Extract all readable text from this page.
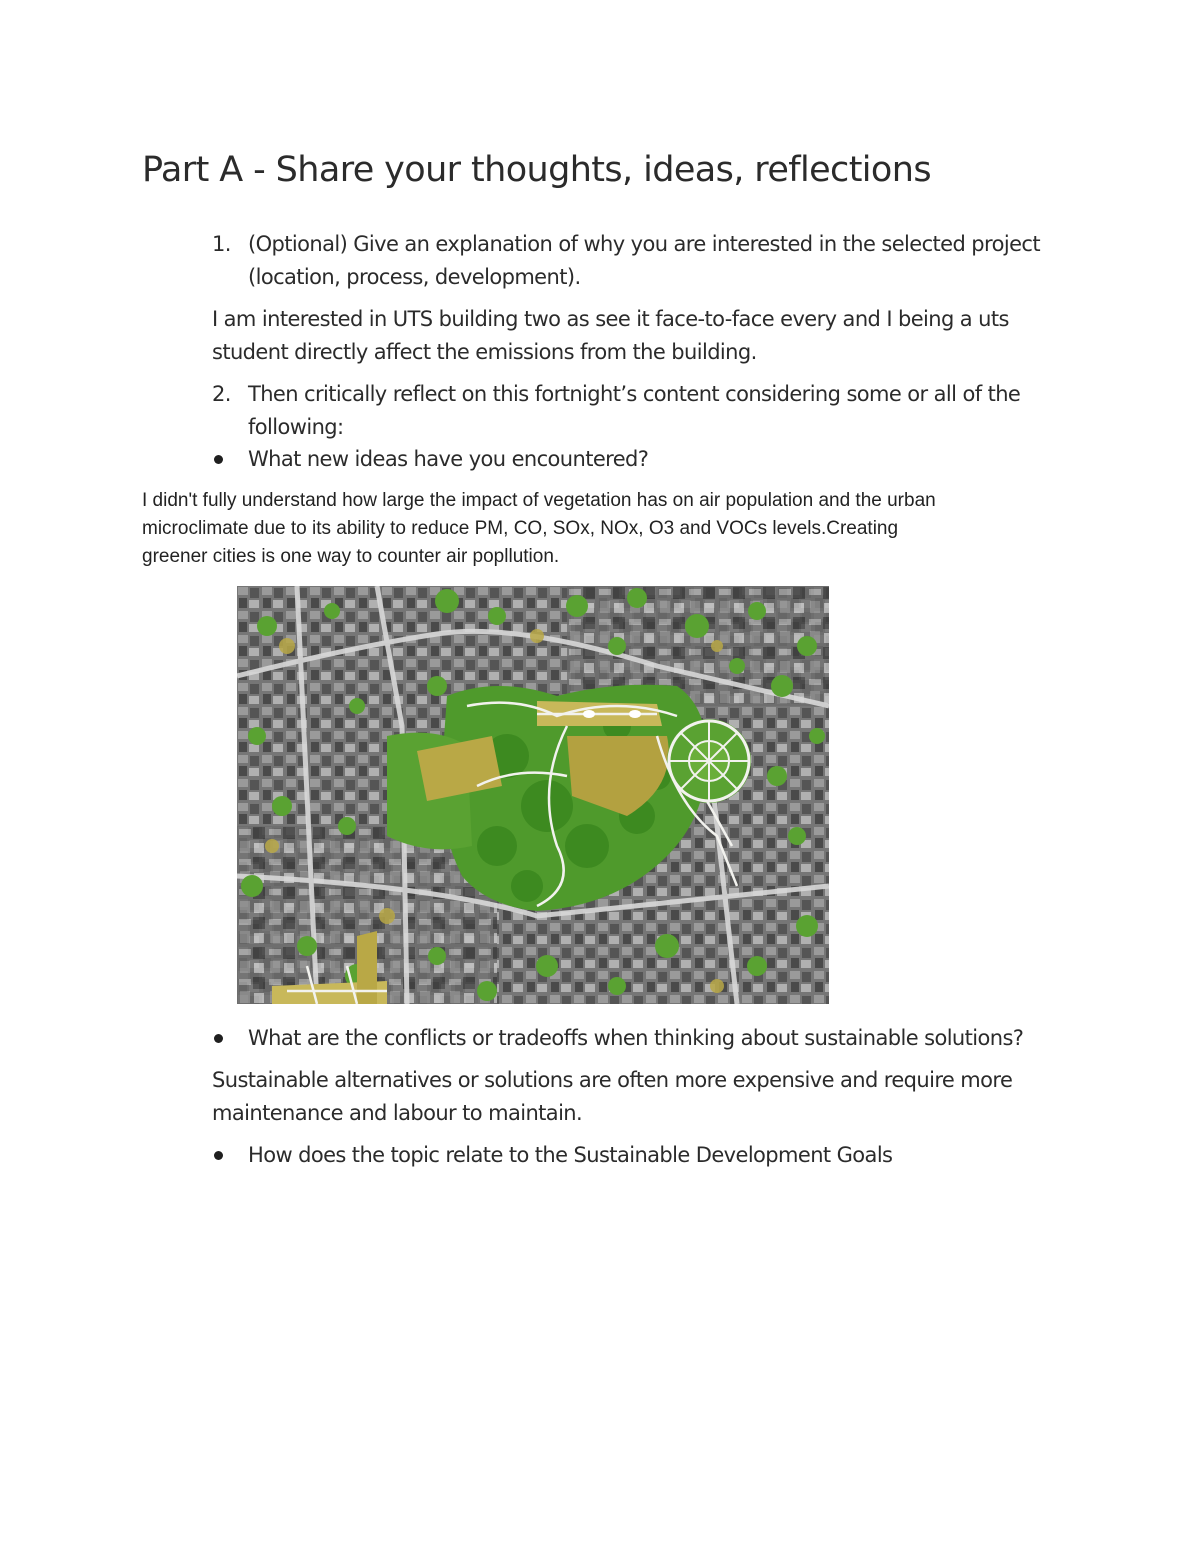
Part A - Share your thoughts, ideas, reflections
1. (Optional) Give an explanation of why you are interested in the selected project
(location, process, development).
I am interested in UTS building two as see it face-to-face every and I being a uts
student directly affect the emissions from the building.
2. Then critically reflect on this fortnight’s content considering some or all of the
following:
What new ideas have you encountered?
I didn't fully understand how large the impact of vegetation has on air population and the urban
microclimate due to its ability to reduce PM, CO, SOx, NOx, O3 and VOCs levels.Creating
greener cities is one way to counter air popllution.
What are the conflicts or tradeoffs when thinking about sustainable solutions?
Sustainable alternatives or solutions are often more expensive and require more
maintenance and labour to maintain.
How does the topic relate to the Sustainable Development Goals
